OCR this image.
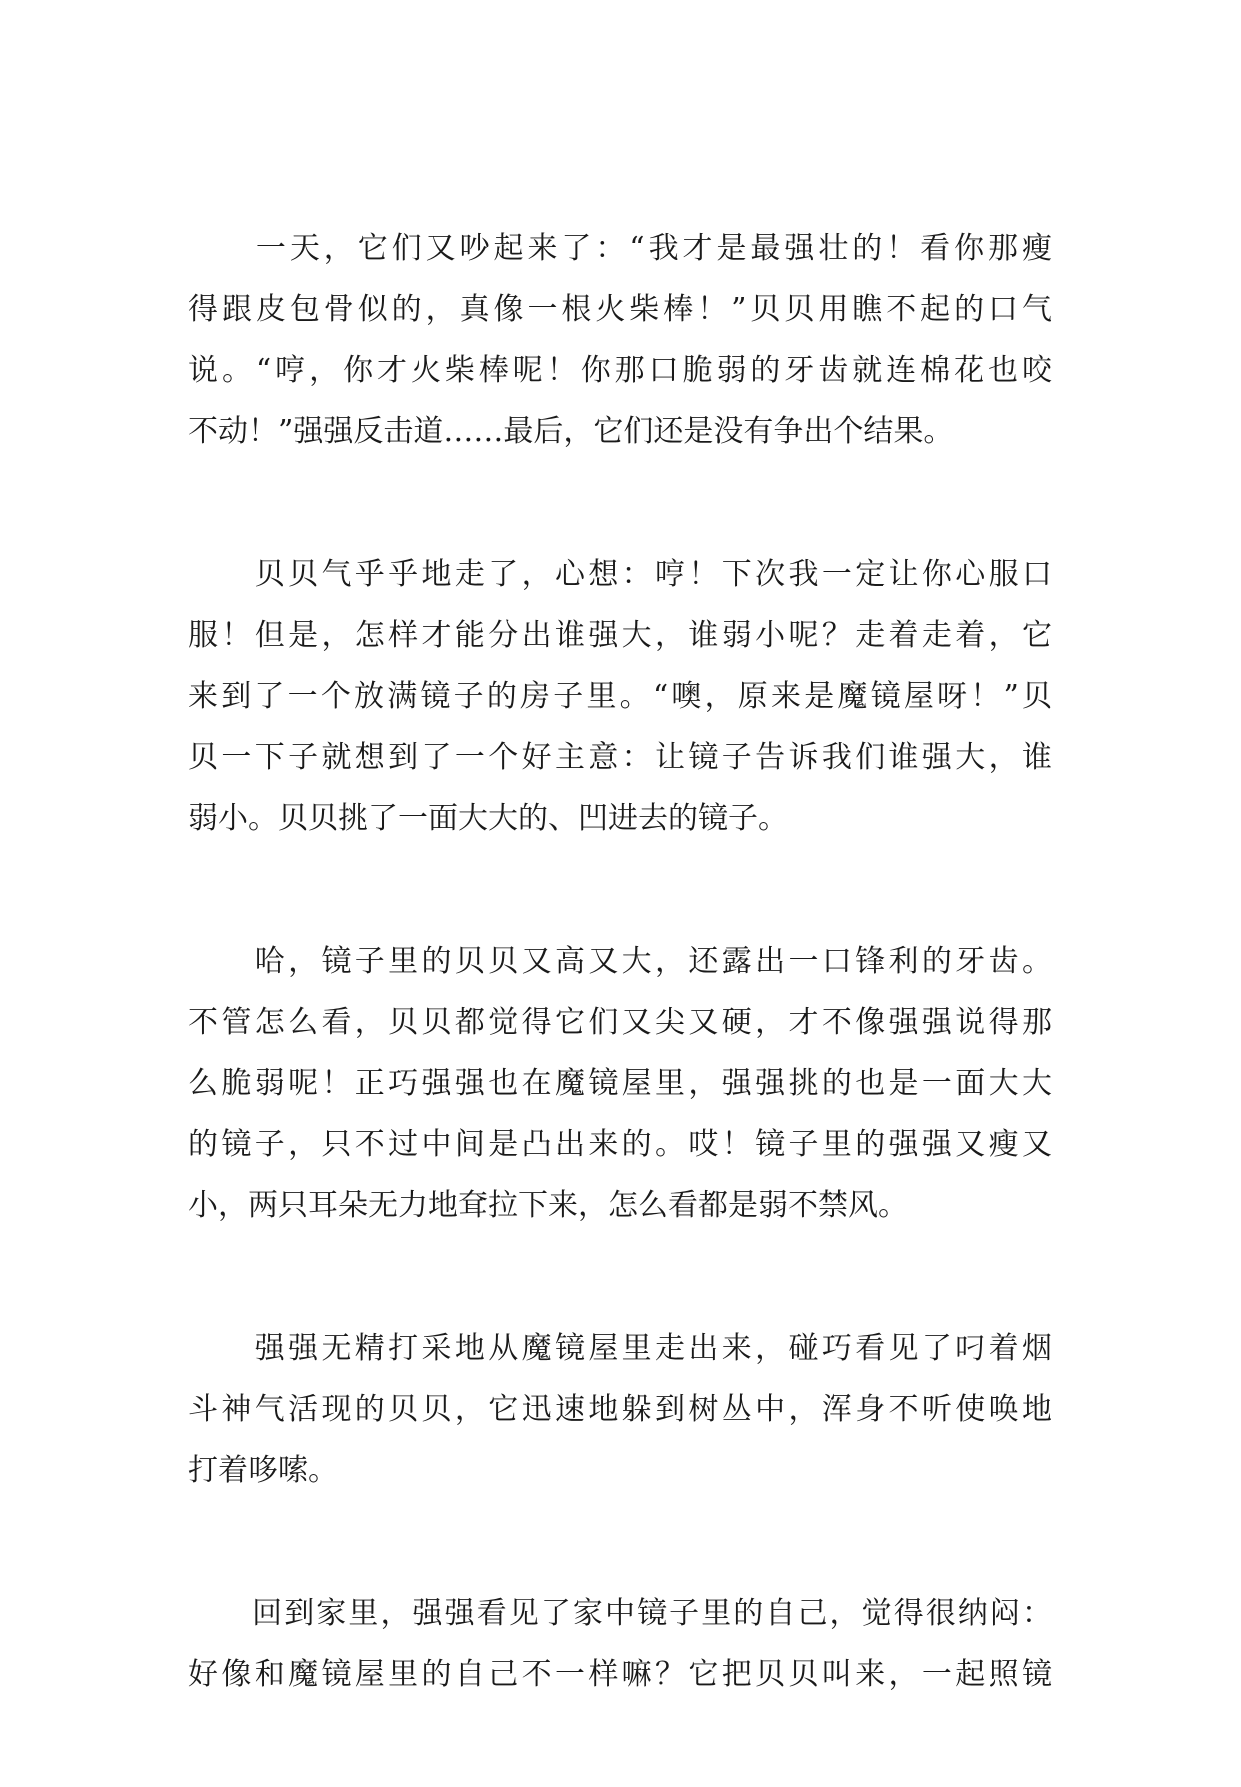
　　一天，它们又吵起来了：“我才是最强壮的！看你那瘦
得跟皮包骨似的，真像一根火柴棒！”贝贝用瞧不起的口气
说。“哼，你才火柴棒呢！你那口脆弱的牙齿就连棉花也咬
不动！”强强反击道……最后，它们还是没有争出个结果。
　　贝贝气乎乎地走了，心想：哼！下次我一定让你心服口
服！但是，怎样才能分出谁强大，谁弱小呢？走着走着，它
来到了一个放满镜子的房子里。“噢，原来是魔镜屋呀！”贝
贝一下子就想到了一个好主意：让镜子告诉我们谁强大，谁
弱小。贝贝挑了一面大大的、凹进去的镜子。
　　哈，镜子里的贝贝又高又大，还露出一口锋利的牙齿。
不管怎么看，贝贝都觉得它们又尖又硬，才不像强强说得那
么脆弱呢！正巧强强也在魔镜屋里，强强挑的也是一面大大
的镜子，只不过中间是凸出来的。哎！镜子里的强强又瘦又
小，两只耳朵无力地耷拉下来，怎么看都是弱不禁风。
　　强强无精打采地从魔镜屋里走出来，碰巧看见了叼着烟
斗神气活现的贝贝，它迅速地躲到树丛中，浑身不听使唤地
打着哆嗦。
　　回到家里，强强看见了家中镜子里的自己，觉得很纳闷：
好像和魔镜屋里的自己不一样嘛？它把贝贝叫来，一起照镜
